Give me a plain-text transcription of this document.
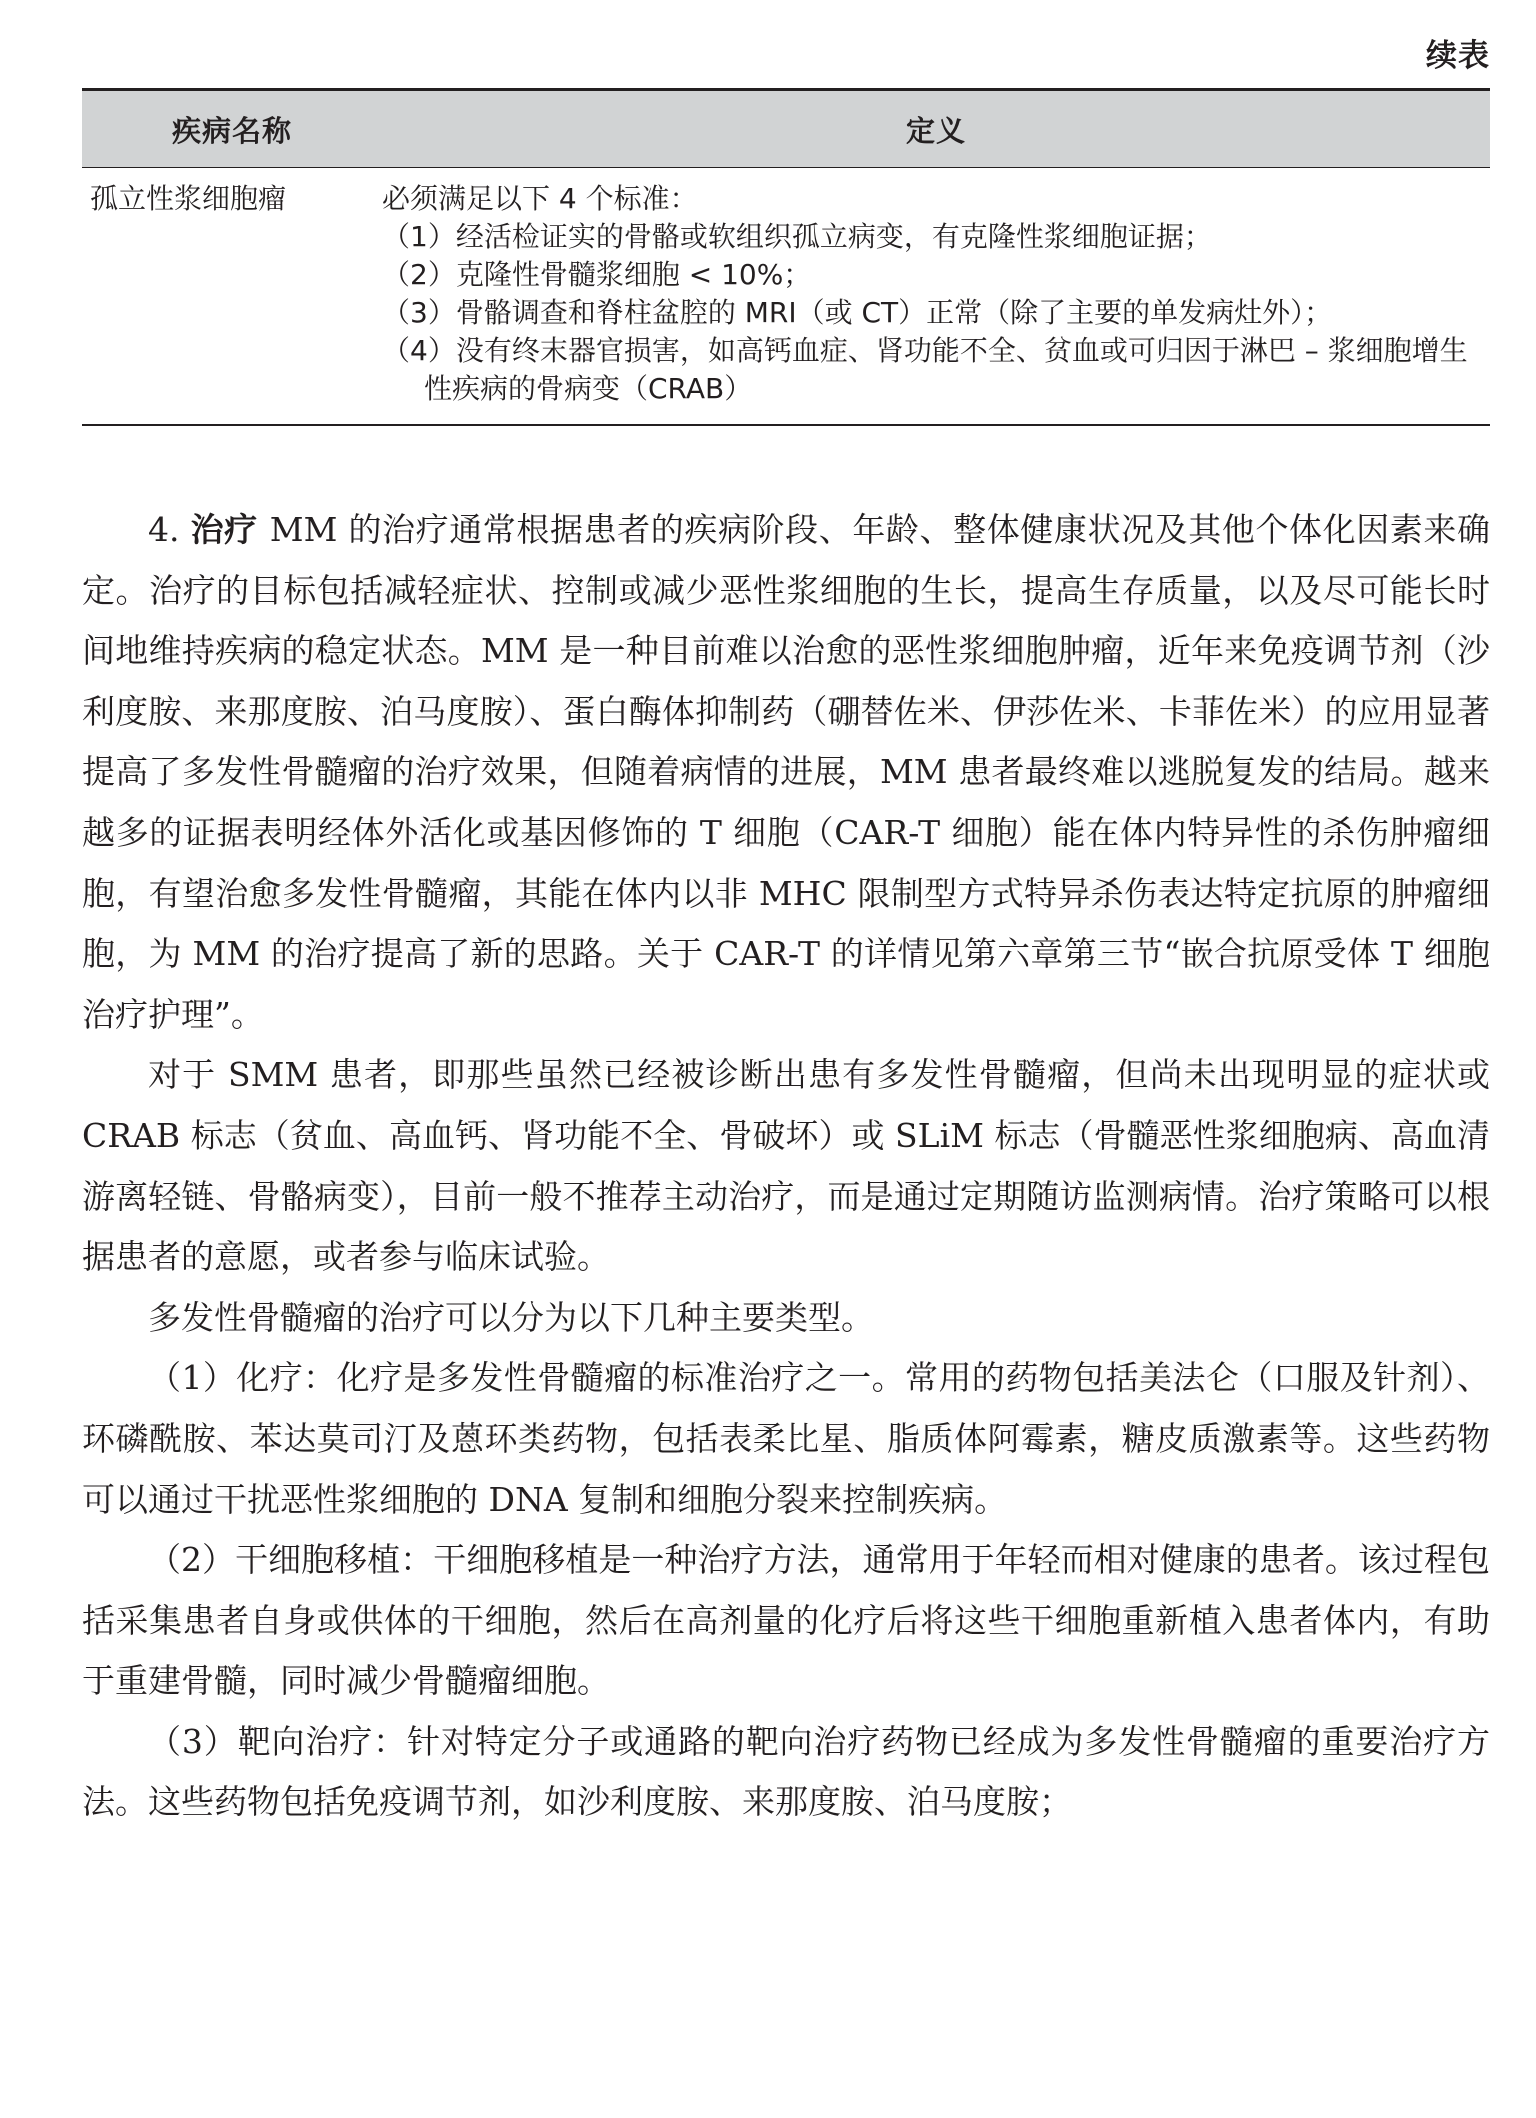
续表
疾病名称	定义
孤立性浆细胞瘤	必须满足以下 4 个标准：
（1）经活检证实的骨骼或软组织孤立病变，有克隆性浆细胞证据；
（2）克隆性骨髓浆细胞 < 10%；
（3）骨骼调查和脊柱盆腔的 MRI（或 CT）正常（除了主要的单发病灶外）；
（4）没有终末器官损害，如高钙血症、肾功能不全、贫血或可归因于淋巴 – 浆细胞增生性疾病的骨病变（CRAB）

4. 治疗 MM 的治疗通常根据患者的疾病阶段、年龄、整体健康状况及其他个体化因素来确定。治疗的目标包括减轻症状、控制或减少恶性浆细胞的生长，提高生存质量，以及尽可能长时间地维持疾病的稳定状态。MM 是一种目前难以治愈的恶性浆细胞肿瘤，近年来免疫调节剂（沙利度胺、来那度胺、泊马度胺）、蛋白酶体抑制药（硼替佐米、伊莎佐米、卡菲佐米）的应用显著提高了多发性骨髓瘤的治疗效果，但随着病情的进展，MM 患者最终难以逃脱复发的结局。越来越多的证据表明经体外活化或基因修饰的 T 细胞（CAR-T 细胞）能在体内特异性的杀伤肿瘤细胞，有望治愈多发性骨髓瘤，其能在体内以非 MHC 限制型方式特异杀伤表达特定抗原的肿瘤细胞，为 MM 的治疗提高了新的思路。关于 CAR-T 的详情见第六章第三节“嵌合抗原受体 T 细胞治疗护理”。

对于 SMM 患者，即那些虽然已经被诊断出患有多发性骨髓瘤，但尚未出现明显的症状或 CRAB 标志（贫血、高血钙、肾功能不全、骨破坏）或 SLiM 标志（骨髓恶性浆细胞病、高血清游离轻链、骨骼病变），目前一般不推荐主动治疗，而是通过定期随访监测病情。治疗策略可以根据患者的意愿，或者参与临床试验。

多发性骨髓瘤的治疗可以分为以下几种主要类型。

（1）化疗：化疗是多发性骨髓瘤的标准治疗之一。常用的药物包括美法仑（口服及针剂）、环磷酰胺、苯达莫司汀及蒽环类药物，包括表柔比星、脂质体阿霉素，糖皮质激素等。这些药物可以通过干扰恶性浆细胞的 DNA 复制和细胞分裂来控制疾病。

（2）干细胞移植：干细胞移植是一种治疗方法，通常用于年轻而相对健康的患者。该过程包括采集患者自身或供体的干细胞，然后在高剂量的化疗后将这些干细胞重新植入患者体内，有助于重建骨髓，同时减少骨髓瘤细胞。

（3）靶向治疗：针对特定分子或通路的靶向治疗药物已经成为多发性骨髓瘤的重要治疗方法。这些药物包括免疫调节剂，如沙利度胺、来那度胺、泊马度胺；
